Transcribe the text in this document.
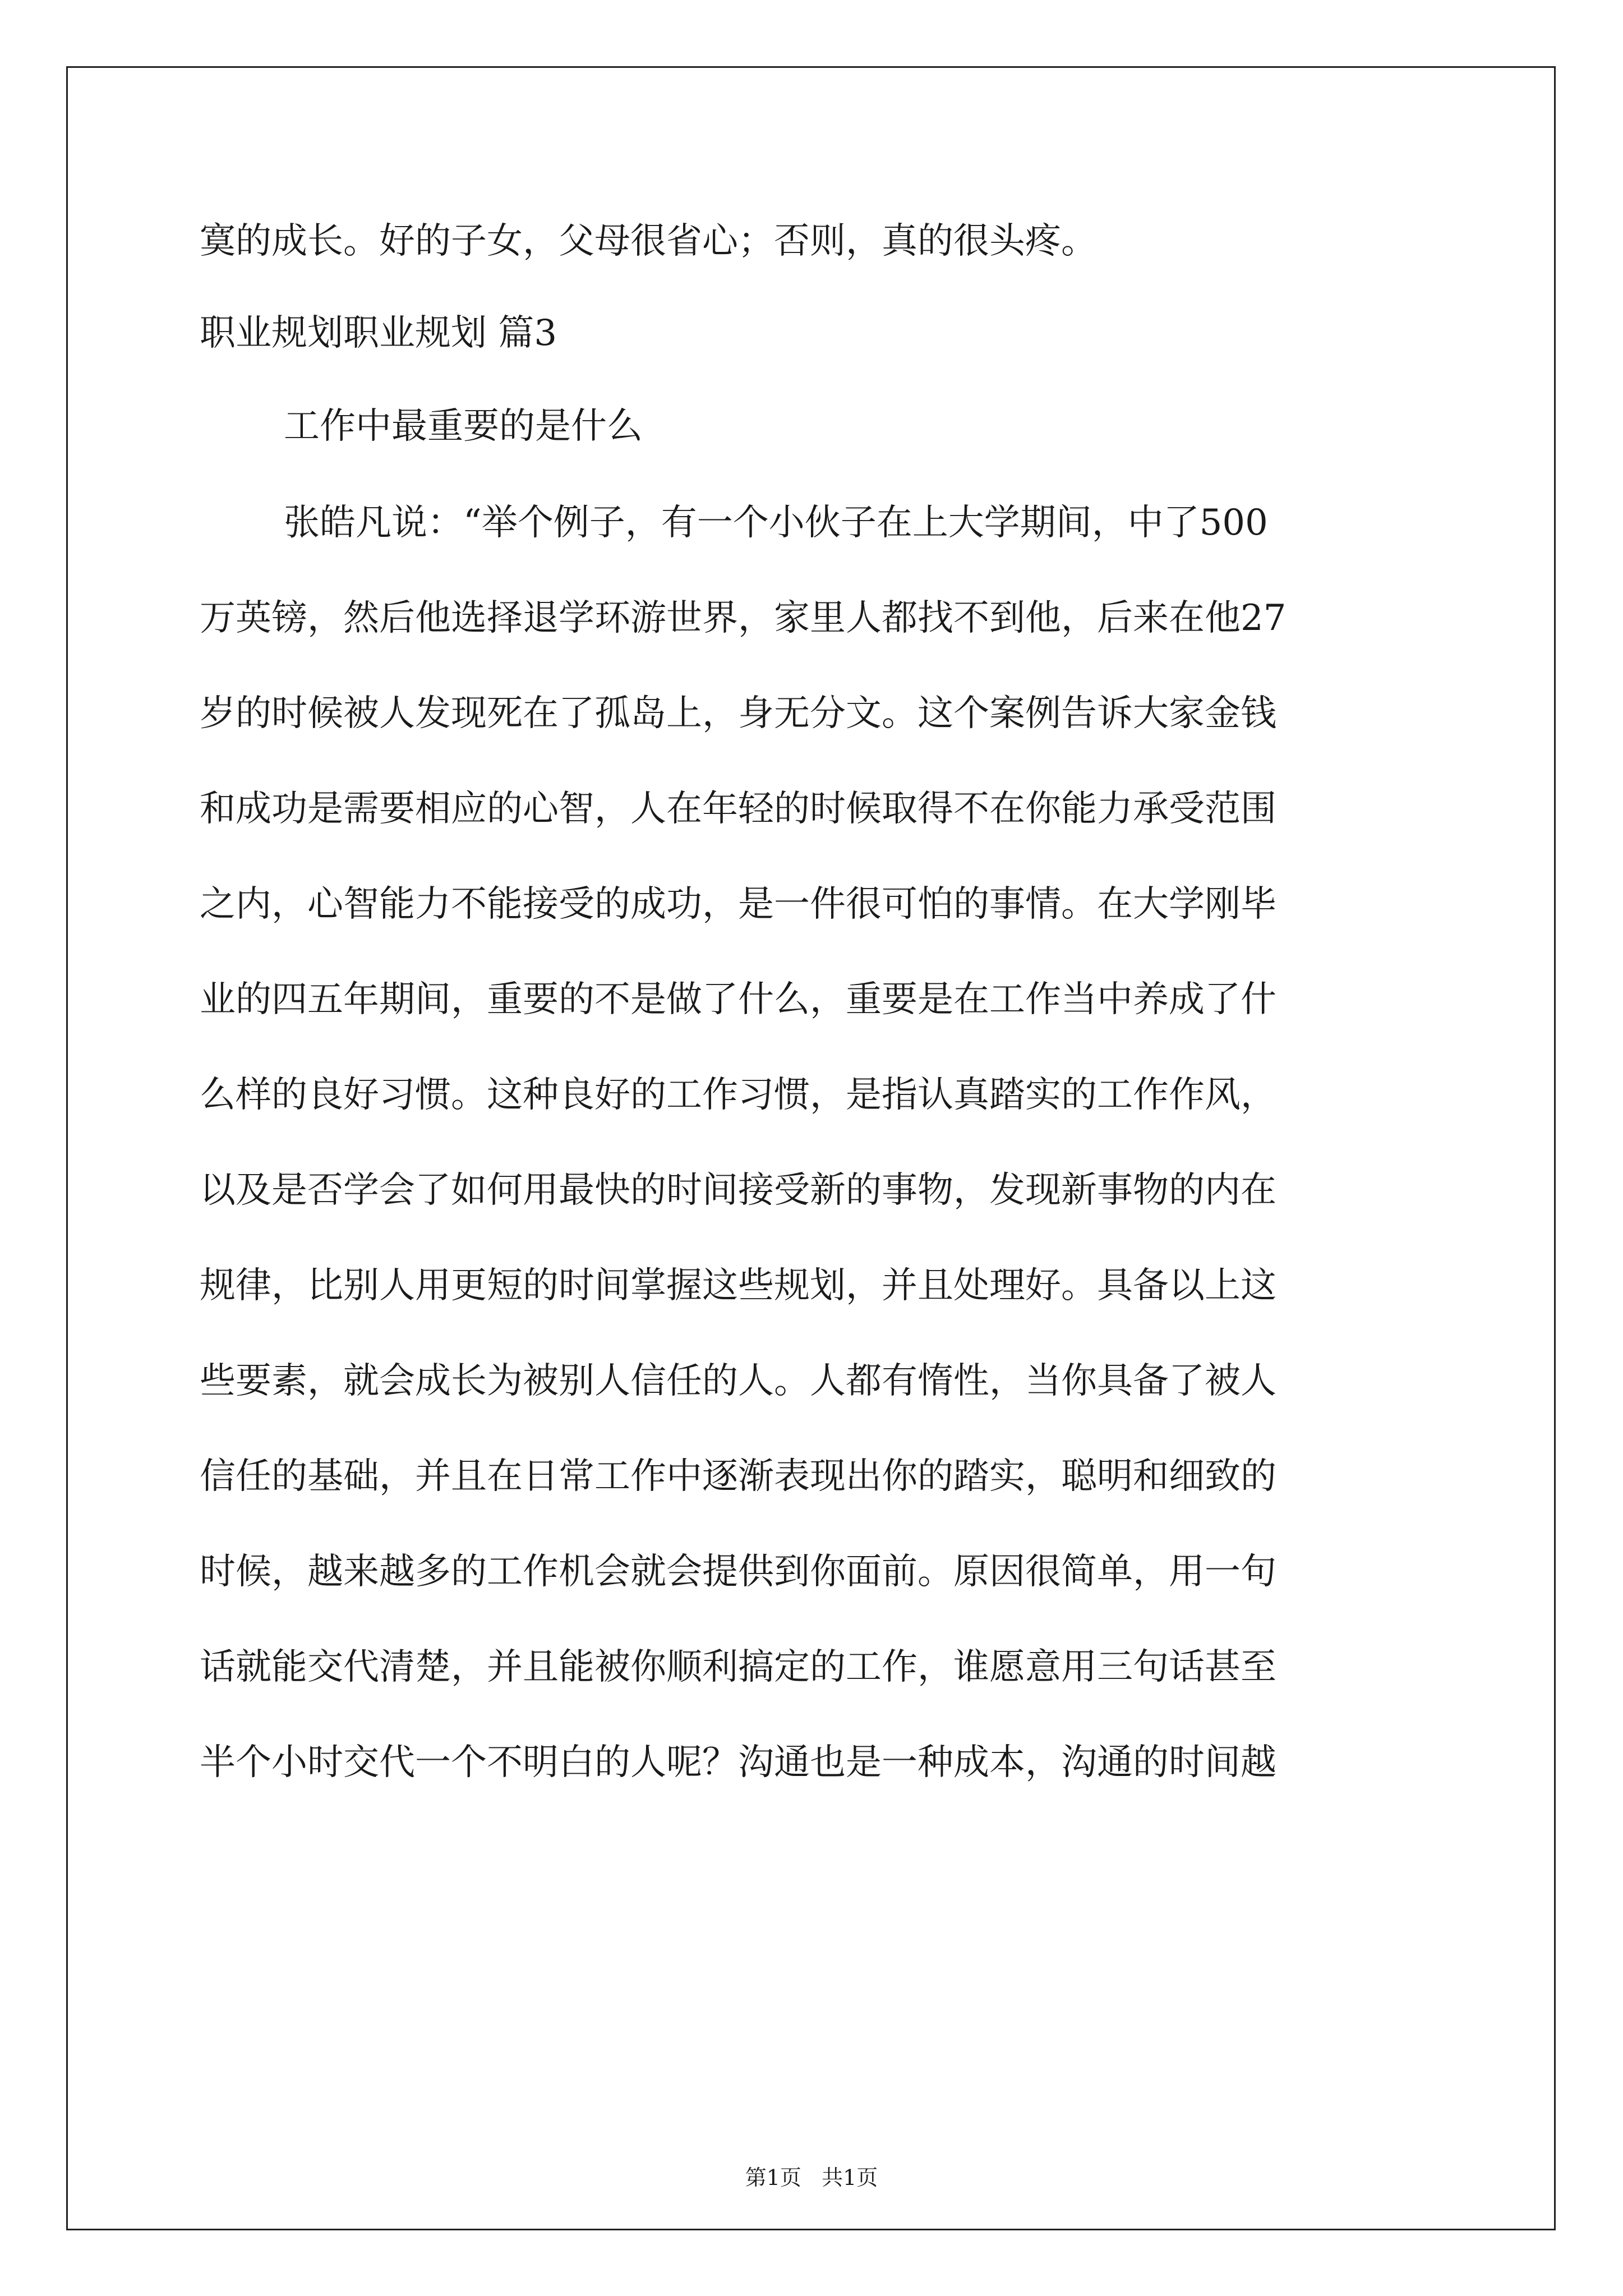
寞的成长。好的子女，父母很省心；否则，真的很头疼。
职业规划职业规划 篇3
工作中最重要的是什么
张皓凡说：“举个例子，有一个小伙子在上大学期间，中了500
万英镑，然后他选择退学环游世界，家里人都找不到他，后来在他27
岁的时候被人发现死在了孤岛上，身无分文。这个案例告诉大家金钱
和成功是需要相应的心智，人在年轻的时候取得不在你能力承受范围
之内，心智能力不能接受的成功，是一件很可怕的事情。在大学刚毕
业的四五年期间，重要的不是做了什么，重要是在工作当中养成了什
么样的良好习惯。这种良好的工作习惯，是指认真踏实的工作作风，
以及是否学会了如何用最快的时间接受新的事物，发现新事物的内在
规律，比别人用更短的时间掌握这些规划，并且处理好。具备以上这
些要素，就会成长为被别人信任的人。人都有惰性，当你具备了被人
信任的基础，并且在日常工作中逐渐表现出你的踏实，聪明和细致的
时候，越来越多的工作机会就会提供到你面前。原因很简单，用一句
话就能交代清楚，并且能被你顺利搞定的工作，谁愿意用三句话甚至
半个小时交代一个不明白的人呢？沟通也是一种成本，沟通的时间越
第1页   共1页
